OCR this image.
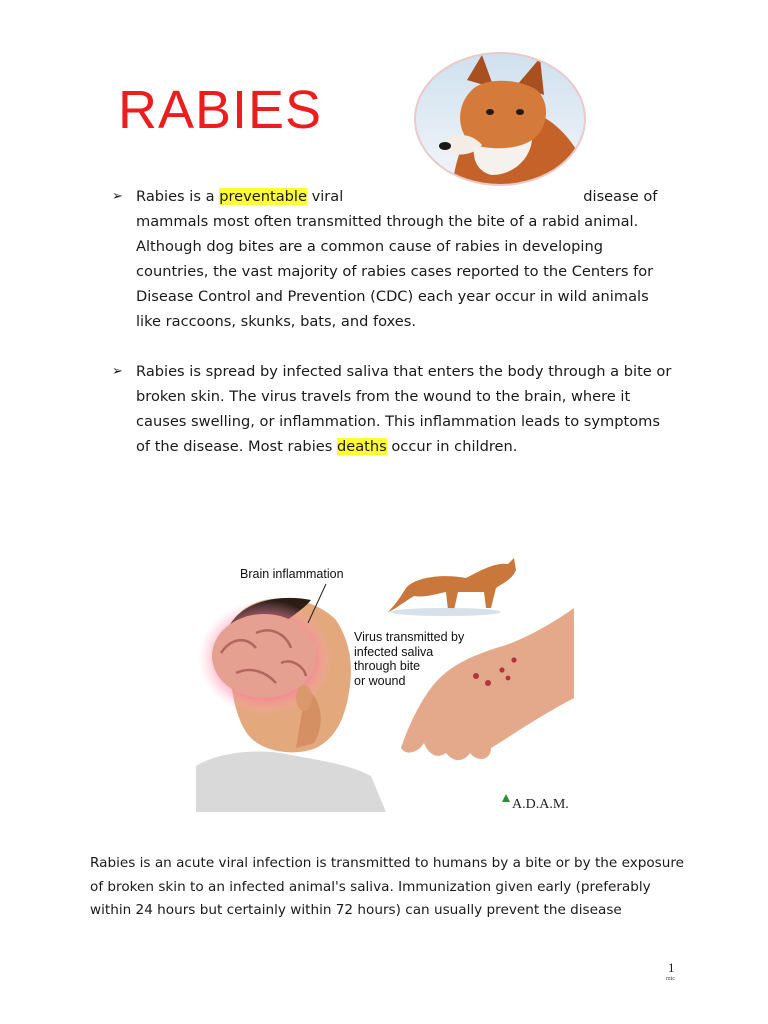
RABIES
➢ Rabies is a preventable viral	disease of mammals most often transmitted through the bite of a rabid animal. Although dog bites are a common cause of rabies in developing countries, the vast majority of rabies cases reported to the Centers for Disease Control and Prevention (CDC) each year occur in wild animals like raccoons, skunks, bats, and foxes.
➢ Rabies is spread by infected saliva that enters the body through a bite or broken skin. The virus travels from the wound to the brain, where it causes swelling, or inflammation. This inflammation leads to symptoms of the disease. Most rabies deaths occur in children.
Brain inflammation
Virus transmitted by
infected saliva
through bite
or wound
A.D.A.M.
Rabies is an acute viral infection is transmitted to humans by a bite or by the exposure of broken skin to an infected animal's saliva. Immunization given early (preferably within 24 hours but certainly within 72 hours) can usually prevent the disease
1
mtc
